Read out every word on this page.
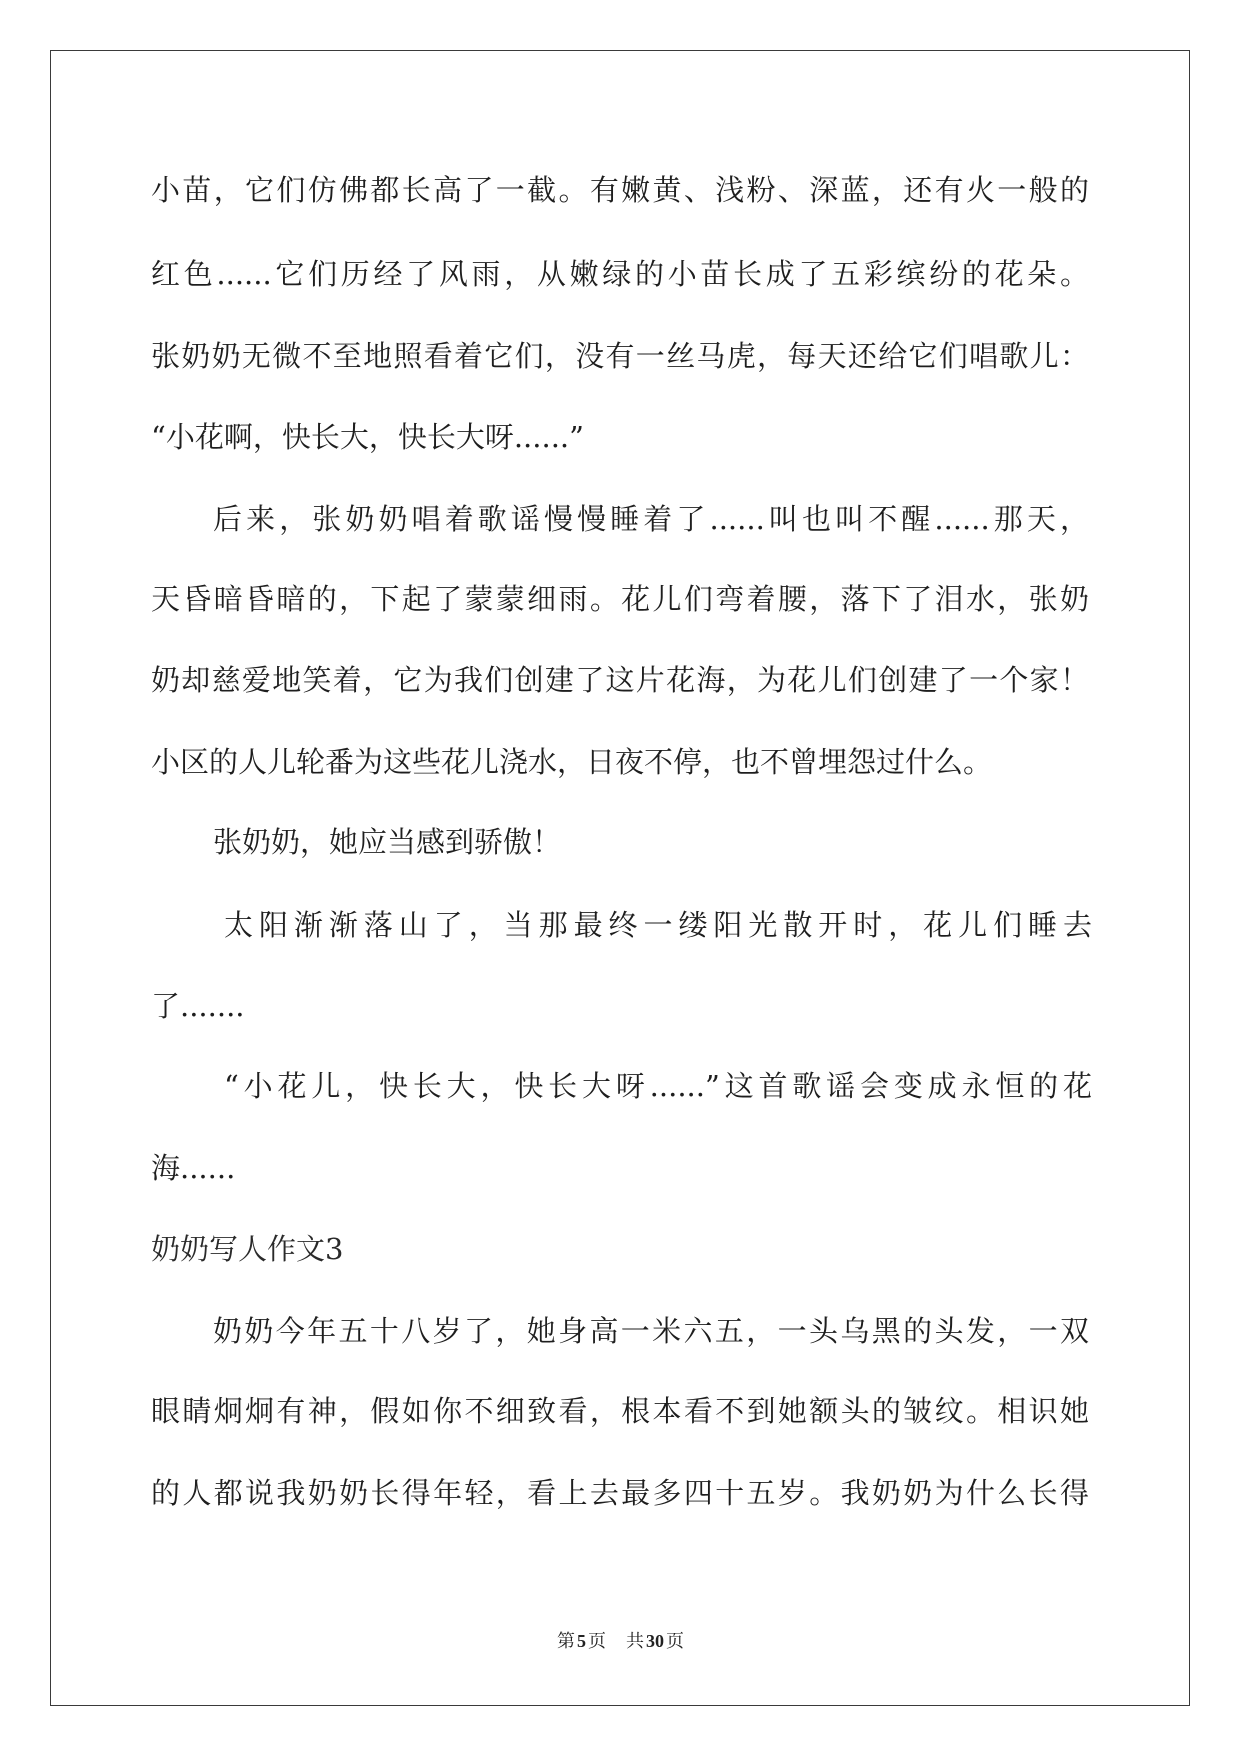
小苗，它们仿佛都长高了一截。有嫩黄、浅粉、深蓝，还有火一般的
红色......它们历经了风雨，从嫩绿的小苗长成了五彩缤纷的花朵。
张奶奶无微不至地照看着它们，没有一丝马虎，每天还给它们唱歌儿：
“小花啊，快长大，快长大呀......”
后来，张奶奶唱着歌谣慢慢睡着了......叫也叫不醒......那天，
天昏暗昏暗的，下起了蒙蒙细雨。花儿们弯着腰，落下了泪水，张奶
奶却慈爱地笑着，它为我们创建了这片花海，为花儿们创建了一个家！
小区的人儿轮番为这些花儿浇水，日夜不停，也不曾埋怨过什么。
张奶奶，她应当感到骄傲！
太阳渐渐落山了，当那最终一缕阳光散开时，花儿们睡去
了.......
“小花儿，快长大，快长大呀......”这首歌谣会变成永恒的花
海......
奶奶写人作文3
奶奶今年五十八岁了，她身高一米六五，一头乌黑的头发，一双
眼睛炯炯有神，假如你不细致看，根本看不到她额头的皱纹。相识她
的人都说我奶奶长得年轻，看上去最多四十五岁。我奶奶为什么长得
第 5 页 共 30 页
